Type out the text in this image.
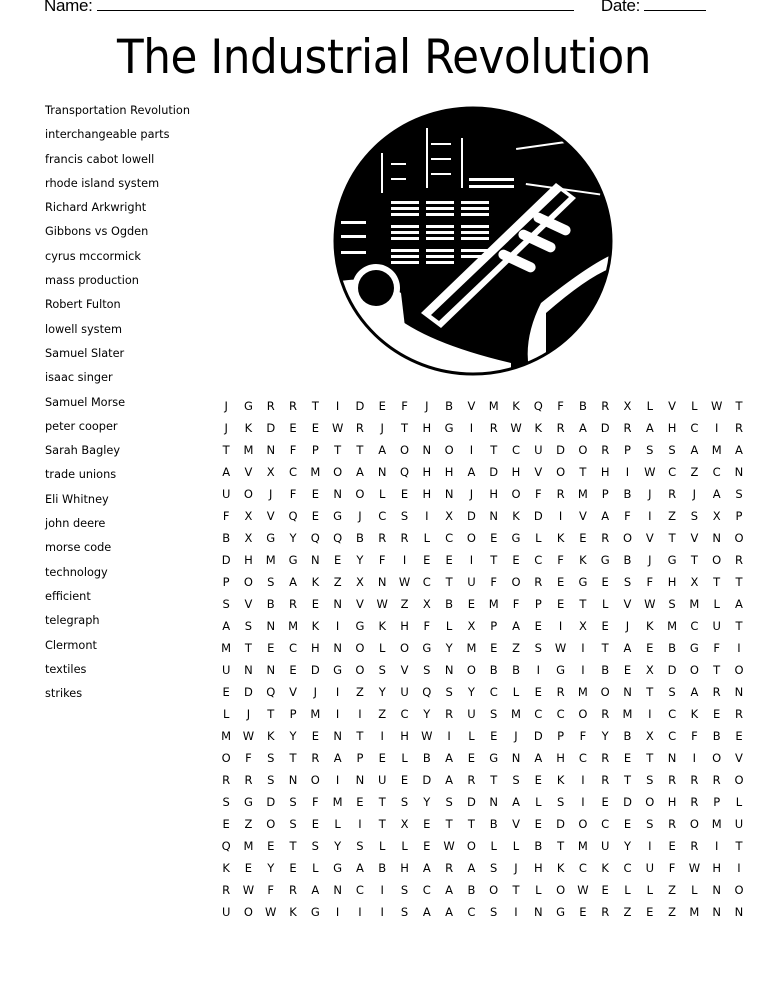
Name:	Date:
The Industrial Revolution
Transportation Revolution
interchangeable parts
francis cabot lowell
rhode island system
Richard Arkwright
Gibbons vs Ogden
cyrus mccormick
mass production
Robert Fulton
lowell system
Samuel Slater
isaac singer
Samuel Morse
peter cooper
Sarah Bagley
trade unions
Eli Whitney
john deere
morse code
technology
efficient
telegraph
Clermont
textiles
strikes
J	G	R	R	T	I	D	E	F	J	B	V	M	K	Q	F	B	R	X	L	V	L	W	T
J	K	D	E	E	W	R	J	T	H	G	I	R	W	K	R	A	D	R	A	H	C	I	R
T	M	N	F	P	T	T	A	O	N	O	I	T	C	U	D	O	R	P	S	S	A	M	A
A	V	X	C	M	O	A	N	Q	H	H	A	D	H	V	O	T	H	I	W	C	Z	C	N
U	O	J	F	E	N	O	L	E	H	N	J	H	O	F	R	M	P	B	J	R	J	A	S
F	X	V	Q	E	G	J	C	S	I	X	D	N	K	D	I	V	A	F	I	Z	S	X	P
B	X	G	Y	Q	Q	B	R	R	L	C	O	E	G	L	K	E	R	O	V	T	V	N	O
D	H	M	G	N	E	Y	F	I	E	E	I	T	E	C	F	K	G	B	J	G	T	O	R
P	O	S	A	K	Z	X	N	W	C	T	U	F	O	R	E	G	E	S	F	H	X	T	T
S	V	B	R	E	N	V	W	Z	X	B	E	M	F	P	E	T	L	V	W	S	M	L	A
A	S	N	M	K	I	G	K	H	F	L	X	P	A	E	I	X	E	J	K	M	C	U	T
M	T	E	C	H	N	O	L	O	G	Y	M	E	Z	S	W	I	T	A	E	B	G	F	I
U	N	N	E	D	G	O	S	V	S	N	O	B	B	I	G	I	B	E	X	D	O	T	O
E	D	Q	V	J	I	Z	Y	U	Q	S	Y	C	L	E	R	M	O	N	T	S	A	R	N
L	J	T	P	M	I	I	Z	C	Y	R	U	S	M	C	C	O	R	M	I	C	K	E	R
M	W	K	Y	E	N	T	I	H	W	I	L	E	J	D	P	F	Y	B	X	C	F	B	E
O	F	S	T	R	A	P	E	L	B	A	E	G	N	A	H	C	R	E	T	N	I	O	V
R	R	S	N	O	I	N	U	E	D	A	R	T	S	E	K	I	R	T	S	R	R	R	O
S	G	D	S	F	M	E	T	S	Y	S	D	N	A	L	S	I	E	D	O	H	R	P	L
E	Z	O	S	E	L	I	T	X	E	T	T	B	V	E	D	O	C	E	S	R	O	M	U
Q	M	E	T	S	Y	S	L	L	E	W	O	L	L	B	T	M	U	Y	I	E	R	I	T
K	E	Y	E	L	G	A	B	H	A	R	A	S	J	H	K	C	K	C	U	F	W	H	I
R	W	F	R	A	N	C	I	S	C	A	B	O	T	L	O	W	E	L	L	Z	L	N	O
U	O	W	K	G	I	I	I	S	A	A	C	S	I	N	G	E	R	Z	E	Z	M	N	N
